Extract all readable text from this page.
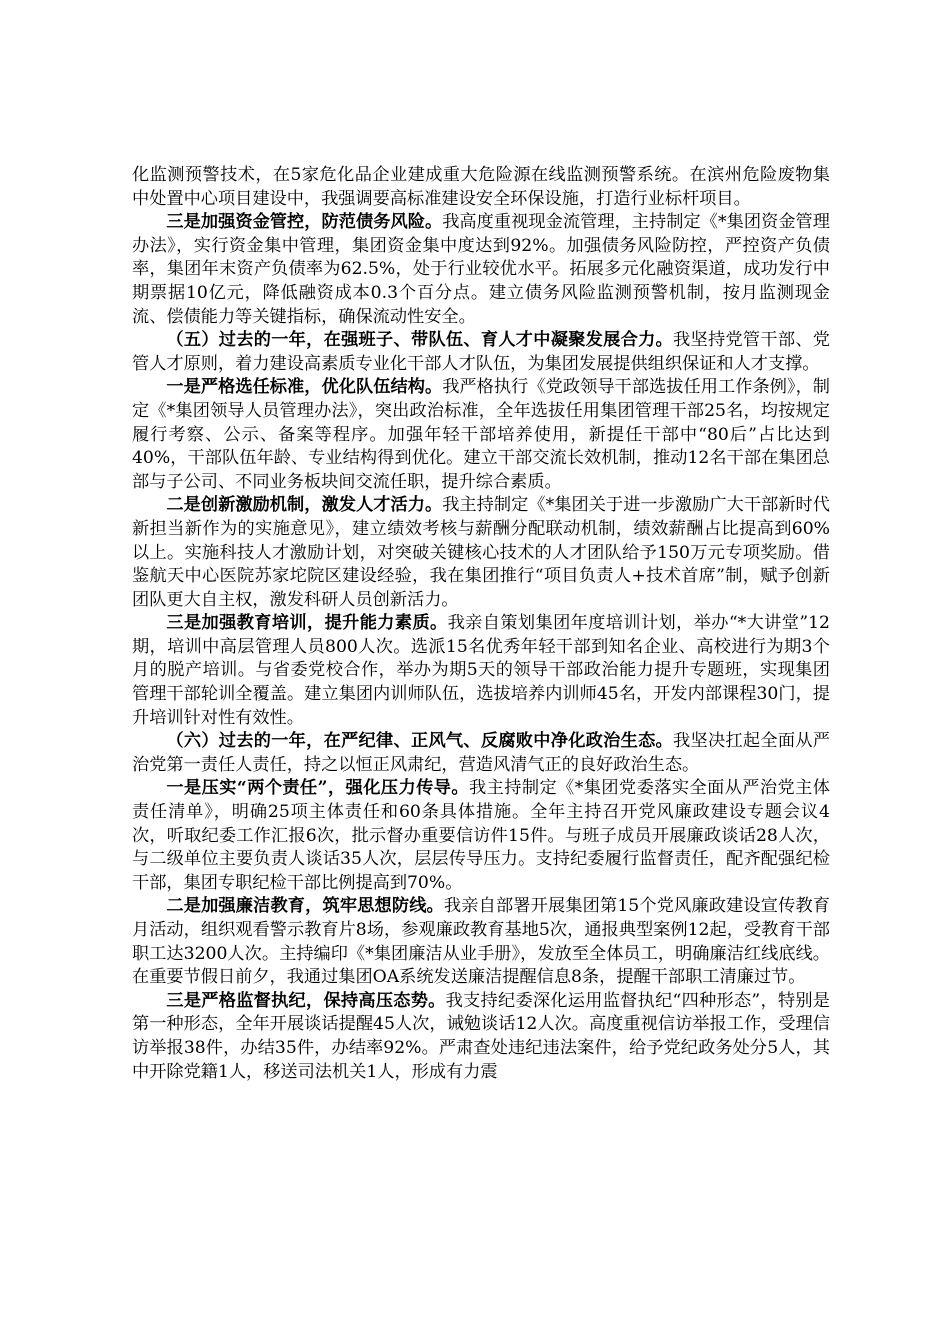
化监测预警技术，在5家危化品企业建成重大危险源在线监测预警系统。在滨州危险废物集中处置中心项目建设中，我强调要高标准建设安全环保设施，打造行业标杆项目。

三是加强资金管控，防范债务风险。我高度重视现金流管理，主持制定《*集团资金管理办法》，实行资金集中管理，集团资金集中度达到92%。加强债务风险防控，严控资产负债率，集团年末资产负债率为62.5%，处于行业较优水平。拓展多元化融资渠道，成功发行中期票据10亿元，降低融资成本0.3个百分点。建立债务风险监测预警机制，按月监测现金流、偿债能力等关键指标，确保流动性安全。

（五）过去的一年，在强班子、带队伍、育人才中凝聚发展合力。我坚持党管干部、党管人才原则，着力建设高素质专业化干部人才队伍，为集团发展提供组织保证和人才支撑。

一是严格选任标准，优化队伍结构。我严格执行《党政领导干部选拔任用工作条例》，制定《*集团领导人员管理办法》，突出政治标准，全年选拔任用集团管理干部25名，均按规定履行考察、公示、备案等程序。加强年轻干部培养使用，新提任干部中“80后”占比达到40%，干部队伍年龄、专业结构得到优化。建立干部交流长效机制，推动12名干部在集团总部与子公司、不同业务板块间交流任职，提升综合素质。

二是创新激励机制，激发人才活力。我主持制定《*集团关于进一步激励广大干部新时代新担当新作为的实施意见》，建立绩效考核与薪酬分配联动机制，绩效薪酬占比提高到60%以上。实施科技人才激励计划，对突破关键核心技术的人才团队给予150万元专项奖励。借鉴航天中心医院苏家坨院区建设经验，我在集团推行“项目负责人+技术首席”制，赋予创新团队更大自主权，激发科研人员创新活力。

三是加强教育培训，提升能力素质。我亲自策划集团年度培训计划，举办“*大讲堂”12期，培训中高层管理人员800人次。选派15名优秀年轻干部到知名企业、高校进行为期3个月的脱产培训。与省委党校合作，举办为期5天的领导干部政治能力提升专题班，实现集团管理干部轮训全覆盖。建立集团内训师队伍，选拔培养内训师45名，开发内部课程30门，提升培训针对性有效性。

（六）过去的一年，在严纪律、正风气、反腐败中净化政治生态。我坚决扛起全面从严治党第一责任人责任，持之以恒正风肃纪，营造风清气正的良好政治生态。

一是压实“两个责任”，强化压力传导。我主持制定《*集团党委落实全面从严治党主体责任清单》，明确25项主体责任和60条具体措施。全年主持召开党风廉政建设专题会议4次，听取纪委工作汇报6次，批示督办重要信访件15件。与班子成员开展廉政谈话28人次，与二级单位主要负责人谈话35人次，层层传导压力。支持纪委履行监督责任，配齐配强纪检干部，集团专职纪检干部比例提高到70%。

二是加强廉洁教育，筑牢思想防线。我亲自部署开展集团第15个党风廉政建设宣传教育月活动，组织观看警示教育片8场，参观廉政教育基地5次，通报典型案例12起，受教育干部职工达3200人次。主持编印《*集团廉洁从业手册》，发放至全体员工，明确廉洁红线底线。在重要节假日前夕，我通过集团OA系统发送廉洁提醒信息8条，提醒干部职工清廉过节。

三是严格监督执纪，保持高压态势。我支持纪委深化运用监督执纪“四种形态”，特别是第一种形态，全年开展谈话提醒45人次，诫勉谈话12人次。高度重视信访举报工作，受理信访举报38件，办结35件，办结率92%。严肃查处违纪违法案件，给予党纪政务处分5人，其中开除党籍1人，移送司法机关1人，形成有力震
